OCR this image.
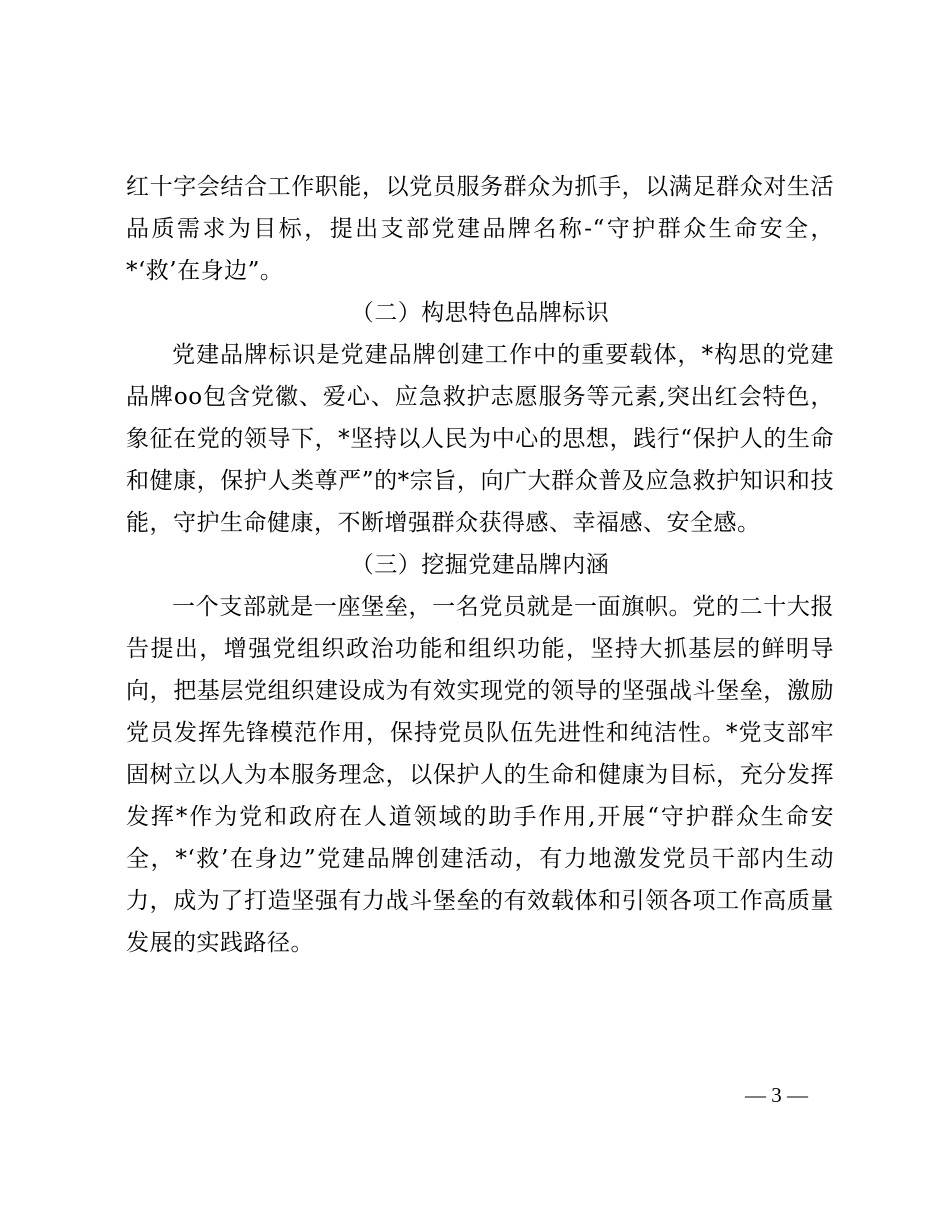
红十字会结合工作职能，以党员服务群众为抓手，以满足群众对生活品质需求为目标，提出支部党建品牌名称-“守护群众生命安全，*‘救’在身边”。

（二）构思特色品牌标识

党建品牌标识是党建品牌创建工作中的重要载体，*构思的党建品牌oo包含党徽、爱心、应急救护志愿服务等元素,突出红会特色，象征在党的领导下，*坚持以人民为中心的思想，践行“保护人的生命和健康，保护人类尊严”的*宗旨，向广大群众普及应急救护知识和技能，守护生命健康，不断增强群众获得感、幸福感、安全感。

（三）挖掘党建品牌内涵

一个支部就是一座堡垒，一名党员就是一面旗帜。党的二十大报告提出，增强党组织政治功能和组织功能，坚持大抓基层的鲜明导向，把基层党组织建设成为有效实现党的领导的坚强战斗堡垒，激励党员发挥先锋模范作用，保持党员队伍先进性和纯洁性。*党支部牢固树立以人为本服务理念，以保护人的生命和健康为目标，充分发挥发挥*作为党和政府在人道领域的助手作用,开展“守护群众生命安全，*‘救’在身边”党建品牌创建活动，有力地激发党员干部内生动力，成为了打造坚强有力战斗堡垒的有效载体和引领各项工作高质量发展的实践路径。

— 3 —
